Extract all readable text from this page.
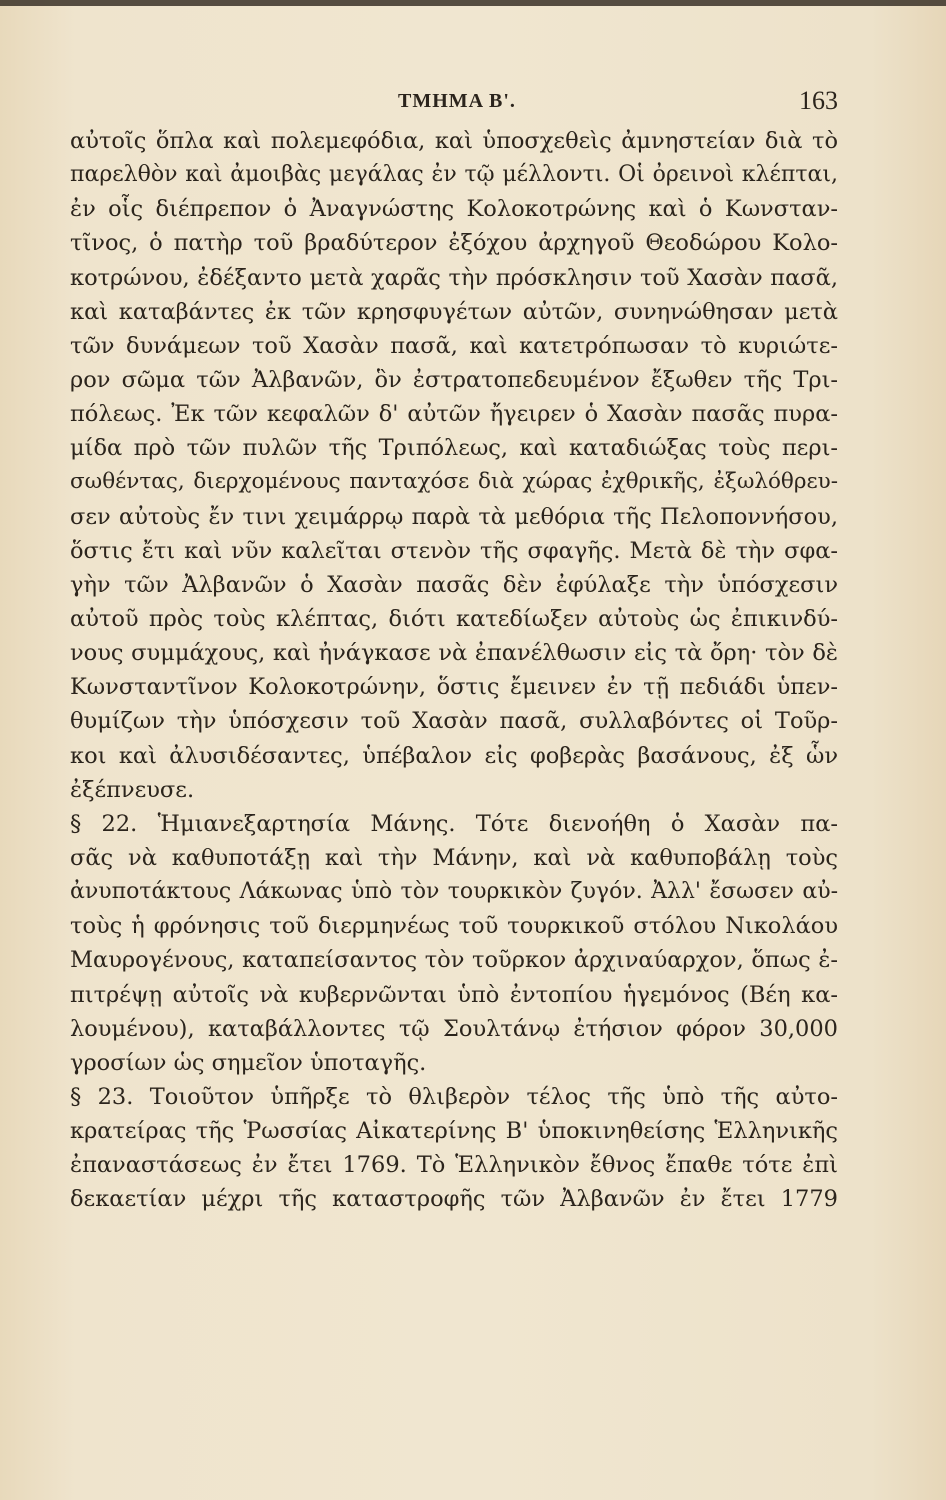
ΤΜΗΜΑ Β'.	163
αὐτοῖς ὅπλα καὶ πολεμεφόδια, καὶ ὑποσχεθεὶς ἀμνηστείαν διὰ τὸ
παρελθὸν καὶ ἀμοιβὰς μεγάλας ἐν τῷ μέλλοντι. Οἱ ὀρεινοὶ κλέπται,
ἐν οἷς διέπρεπον ὁ Ἀναγνώστης Κολοκοτρώνης καὶ ὁ Κωνσταν-
τῖνος, ὁ πατὴρ τοῦ βραδύτερον ἐξόχου ἀρχηγοῦ Θεοδώρου Κολο-
κοτρώνου, ἐδέξαντο μετὰ χαρᾶς τὴν πρόσκλησιν τοῦ Χασὰν πασᾶ,
καὶ καταβάντες ἐκ τῶν κρησφυγέτων αὐτῶν, συνηνώθησαν μετὰ
τῶν δυνάμεων τοῦ Χασὰν πασᾶ, καὶ κατετρόπωσαν τὸ κυριώτε-
ρον σῶμα τῶν Ἀλβανῶν, ὃν ἐστρατοπεδευμένον ἔξωθεν τῆς Τρι-
πόλεως. Ἐκ τῶν κεφαλῶν δ' αὐτῶν ἤγειρεν ὁ Χασὰν πασᾶς πυρα-
μίδα πρὸ τῶν πυλῶν τῆς Τριπόλεως, καὶ καταδιώξας τοὺς περι-
σωθέντας, διερχομένους πανταχόσε διὰ χώρας ἐχθρικῆς, ἐξωλόθρευ-
σεν αὐτοὺς ἔν τινι χειμάρρῳ παρὰ τὰ μεθόρια τῆς Πελοποννήσου,
ὅστις ἔτι καὶ νῦν καλεῖται στενὸν τῆς σφαγῆς. Μετὰ δὲ τὴν σφα-
γὴν τῶν Ἀλβανῶν ὁ Χασὰν πασᾶς δὲν ἐφύλαξε τὴν ὑπόσχεσιν
αὐτοῦ πρὸς τοὺς κλέπτας, διότι κατεδίωξεν αὐτοὺς ὡς ἐπικινδύ-
νους συμμάχους, καὶ ἠνάγκασε νὰ ἐπανέλθωσιν εἰς τὰ ὄρη· τὸν δὲ
Κωνσταντῖνον Κολοκοτρώνην, ὅστις ἔμεινεν ἐν τῇ πεδιάδι ὑπεν-
θυμίζων τὴν ὑπόσχεσιν τοῦ Χασὰν πασᾶ, συλλαβόντες οἱ Τοῦρ-
κοι καὶ ἀλυσιδέσαντες, ὑπέβαλον εἰς φοβερὰς βασάνους, ἐξ ὧν
ἐξέπνευσε.
§ 22. Ἡμιανεξαρτησία Μάνης. Τότε διενοήθη ὁ Χασὰν πα-
σᾶς νὰ καθυποτάξῃ καὶ τὴν Μάνην, καὶ νὰ καθυποβάλῃ τοὺς
ἀνυποτάκτους Λάκωνας ὑπὸ τὸν τουρκικὸν ζυγόν. Ἀλλ' ἔσωσεν αὐ-
τοὺς ἡ φρόνησις τοῦ διερμηνέως τοῦ τουρκικοῦ στόλου Νικολάου
Μαυρογένους, καταπείσαντος τὸν τοῦρκον ἀρχιναύαρχον, ὅπως ἐ-
πιτρέψῃ αὐτοῖς νὰ κυβερνῶνται ὑπὸ ἐντοπίου ἡγεμόνος (Βέη κα-
λουμένου), καταβάλλοντες τῷ Σουλτάνῳ ἐτήσιον φόρον 30,000
γροσίων ὡς σημεῖον ὑποταγῆς.
§ 23. Τοιοῦτον ὑπῆρξε τὸ θλιβερὸν τέλος τῆς ὑπὸ τῆς αὐτο-
κρατείρας τῆς Ῥωσσίας Αἰκατερίνης Β' ὑποκινηθείσης Ἑλληνικῆς
ἐπαναστάσεως ἐν ἔτει 1769. Τὸ Ἑλληνικὸν ἔθνος ἔπαθε τότε ἐπὶ
δεκαετίαν μέχρι τῆς καταστροφῆς τῶν Ἀλβανῶν ἐν ἔτει 1779
